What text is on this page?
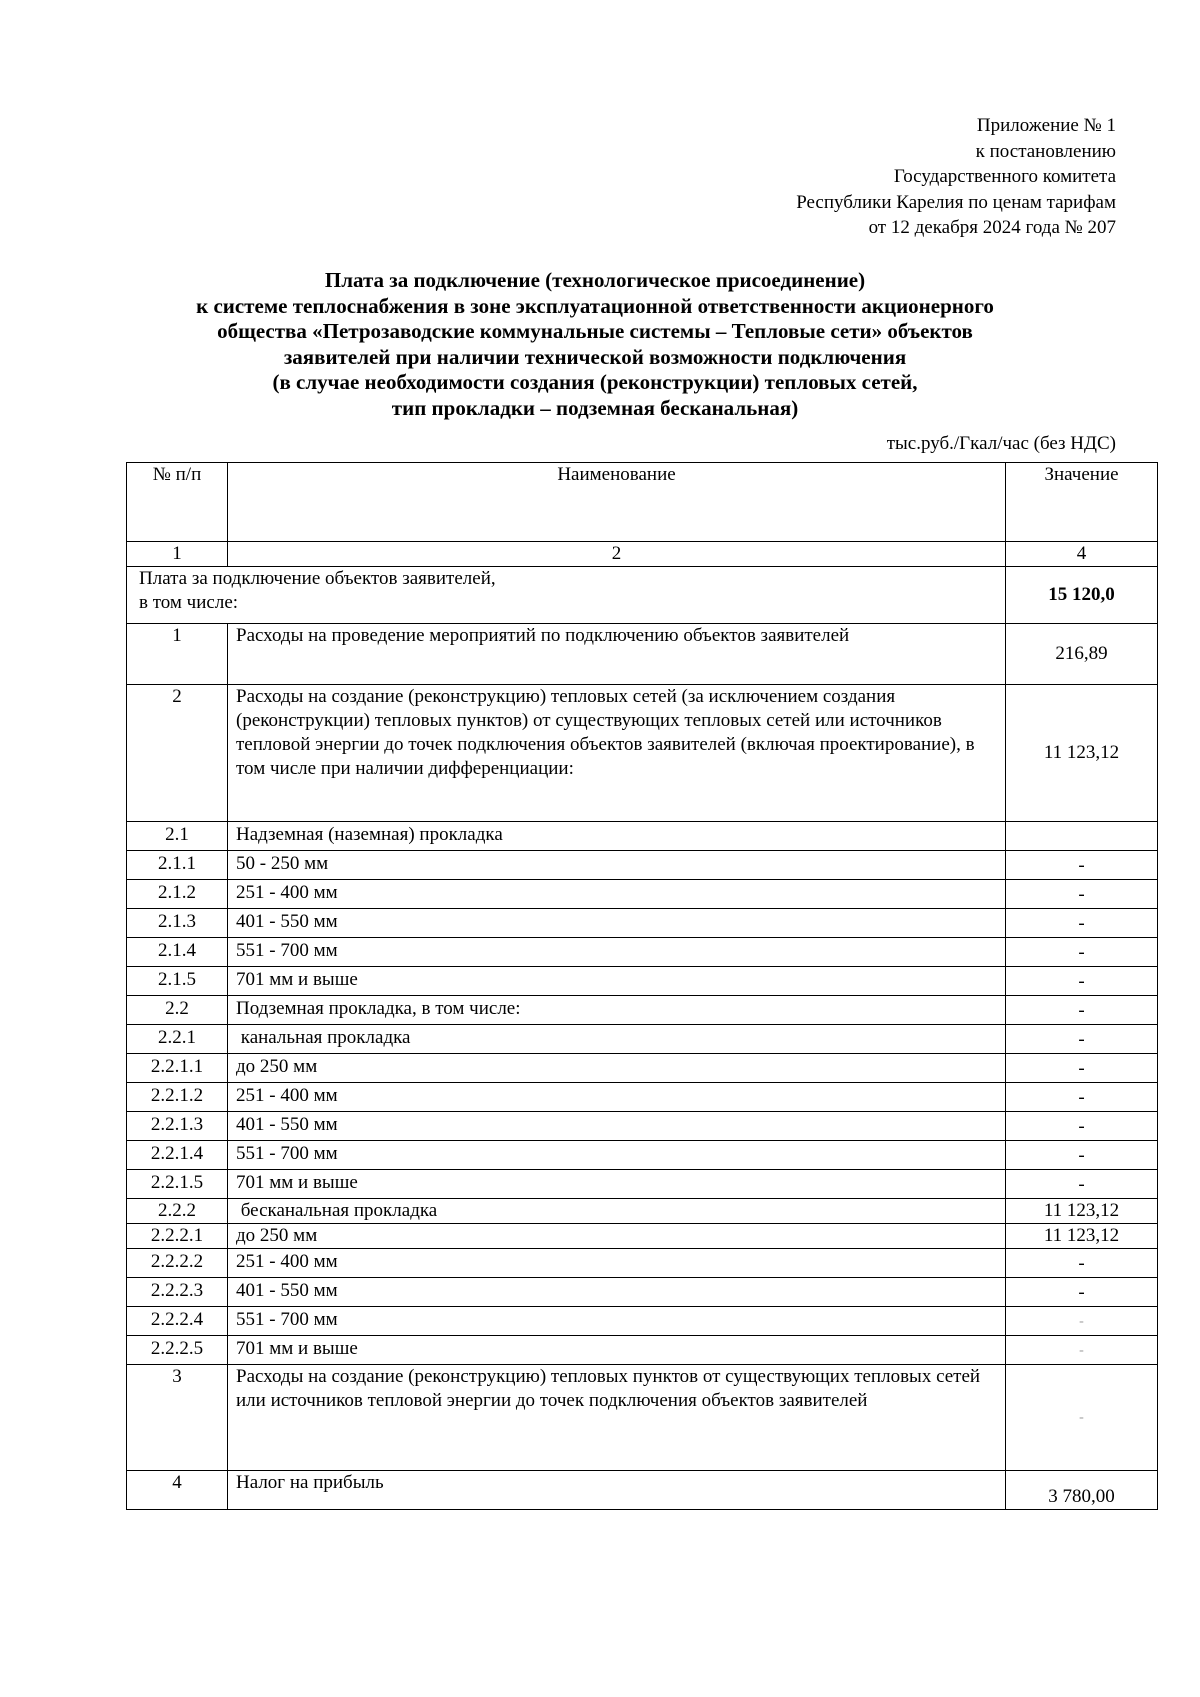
Приложение № 1
к постановлению
Государственного комитета
Республики Карелия по ценам тарифам
от 12 декабря 2024 года № 207
Плата за подключение (технологическое присоединение)
к системе теплоснабжения в зоне эксплуатационной ответственности акционерного
общества «Петрозаводские коммунальные системы – Тепловые сети» объектов
заявителей при наличии технической возможности подключения
(в случае необходимости создания (реконструкции) тепловых сетей,
тип прокладки – подземная бесканальная)
тыс.руб./Гкал/час (без НДС)
№ п/п	Наименование	Значение
1	2	4

Плата за подключение объектов заявителей,
в том числе:		15 120,0
1	Расходы на проведение мероприятий по подключению объектов заявителей	216,89
2	Расходы на создание (реконструкцию) тепловых сетей (за исключением создания (реконструкции) тепловых пунктов) от существующих тепловых сетей или источников тепловой энергии до точек подключения объектов заявителей (включая проектирование), в том числе при наличии дифференциации:	11 123,12
2.1	Надземная (наземная) прокладка	
2.1.1	50 - 250 мм	-
2.1.2	251 - 400 мм	-
2.1.3	401 - 550 мм	-
2.1.4	551 - 700 мм	-
2.1.5	701 мм и выше	-
2.2	Подземная прокладка, в том числе:	-
2.2.1	канальная прокладка	-
2.2.1.1	до 250 мм	-
2.2.1.2	251 - 400 мм	-
2.2.1.3	401 - 550 мм	-
2.2.1.4	551 - 700 мм	-
2.2.1.5	701 мм и выше	-
2.2.2	бесканальная прокладка	11 123,12
2.2.2.1	до 250 мм	11 123,12
2.2.2.2	251 - 400 мм	-
2.2.2.3	401 - 550 мм	-
2.2.2.4	551 - 700 мм	-
2.2.2.5	701 мм и выше	-
3	Расходы на создание (реконструкцию) тепловых пунктов от существующих тепловых сетей или источников тепловой энергии до точек подключения объектов заявителей	-
4	Налог на прибыль	3 780,00
